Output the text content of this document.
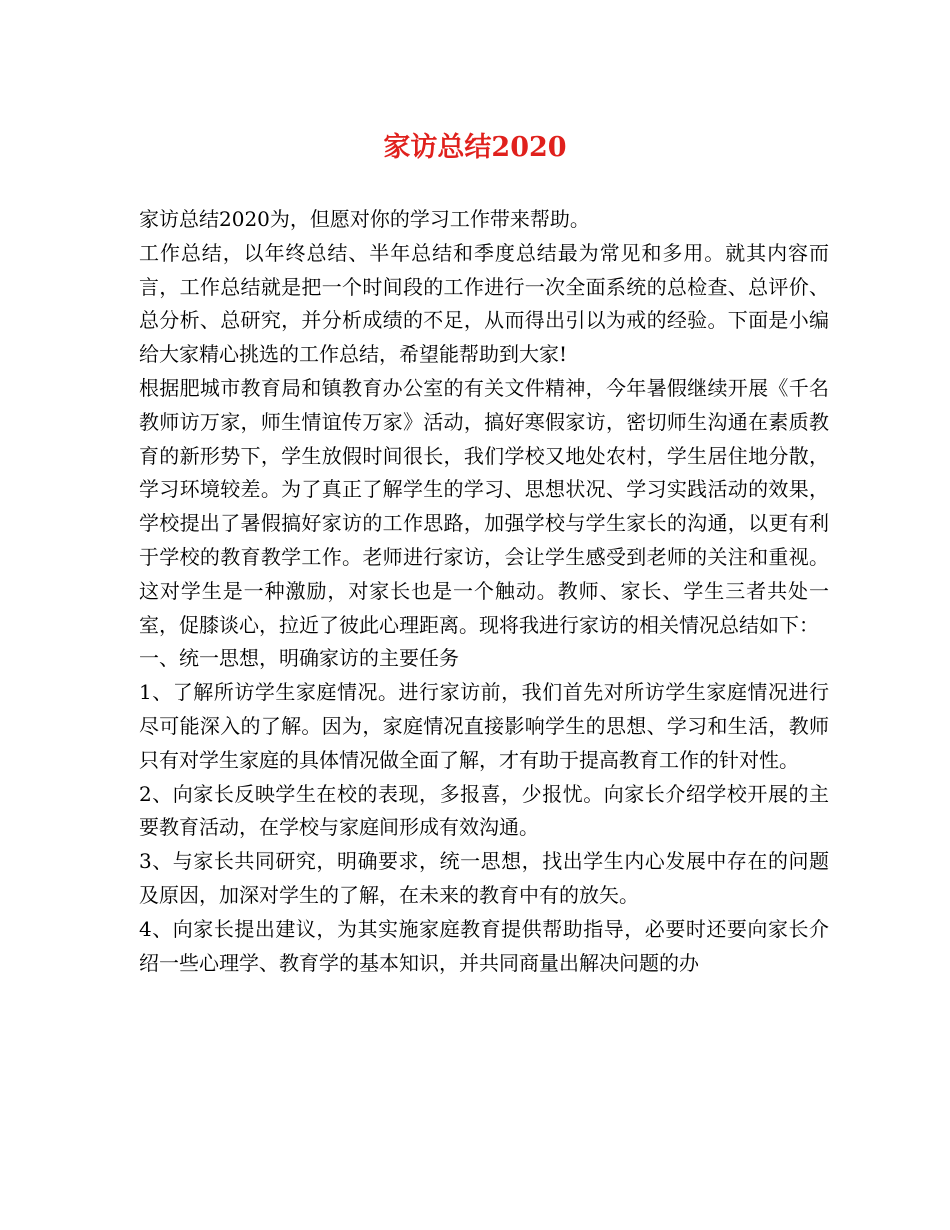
家访总结2020

家访总结2020为，但愿对你的学习工作带来帮助。

工作总结，以年终总结、半年总结和季度总结最为常见和多用。就其内容而言，工作总结就是把一个时间段的工作进行一次全面系统的总检查、总评价、总分析、总研究，并分析成绩的不足，从而得出引以为戒的经验。下面是小编给大家精心挑选的工作总结，希望能帮助到大家!

根据肥城市教育局和镇教育办公室的有关文件精神，今年暑假继续开展《千名教师访万家，师生情谊传万家》活动，搞好寒假家访，密切师生沟通在素质教育的新形势下，学生放假时间很长，我们学校又地处农村，学生居住地分散，学习环境较差。为了真正了解学生的学习、思想状况、学习实践活动的效果，学校提出了暑假搞好家访的工作思路，加强学校与学生家长的沟通，以更有利于学校的教育教学工作。老师进行家访，会让学生感受到老师的关注和重视。这对学生是一种激励，对家长也是一个触动。教师、家长、学生三者共处一室，促膝谈心，拉近了彼此心理距离。现将我进行家访的相关情况总结如下：

一、统一思想，明确家访的主要任务

1、了解所访学生家庭情况。进行家访前，我们首先对所访学生家庭情况进行尽可能深入的了解。因为，家庭情况直接影响学生的思想、学习和生活，教师只有对学生家庭的具体情况做全面了解，才有助于提高教育工作的针对性。

2、向家长反映学生在校的表现，多报喜，少报忧。向家长介绍学校开展的主要教育活动，在学校与家庭间形成有效沟通。

3、与家长共同研究，明确要求，统一思想，找出学生内心发展中存在的问题及原因，加深对学生的了解，在未来的教育中有的放矢。

4、向家长提出建议，为其实施家庭教育提供帮助指导，必要时还要向家长介绍一些心理学、教育学的基本知识，并共同商量出解决问题的办
